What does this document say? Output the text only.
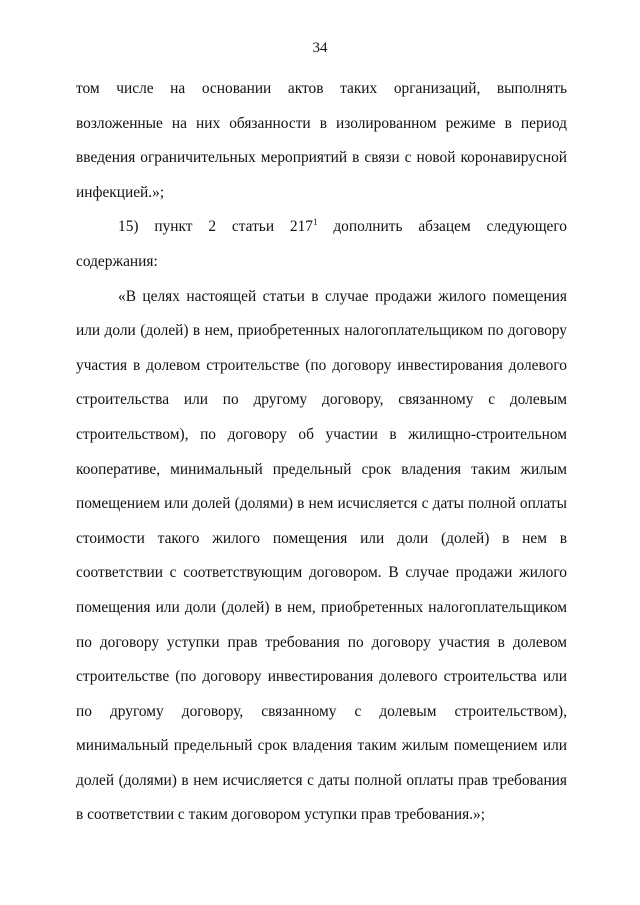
34

том числе на основании актов таких организаций, выполнять возложенные на них обязанности в изолированном режиме в период введения ограничительных мероприятий в связи с новой коронавирусной инфекцией.»;

15) пункт 2 статьи $217^1$ дополнить абзацем следующего содержания:

«В целях настоящей статьи в случае продажи жилого помещения или доли (долей) в нем, приобретенных налогоплательщиком по договору участия в долевом строительстве (по договору инвестирования долевого строительства или по другому договору, связанному с долевым строительством), по договору об участии в жилищно-строительном кооперативе, минимальный предельный срок владения таким жилым помещением или долей (долями) в нем исчисляется с даты полной оплаты стоимости такого жилого помещения или доли (долей) в нем в соответствии с соответствующим договором. В случае продажи жилого помещения или доли (долей) в нем, приобретенных налогоплательщиком по договору уступки прав требования по договору участия в долевом строительстве (по договору инвестирования долевого строительства или по другому договору, связанному с долевым строительством), минимальный предельный срок владения таким жилым помещением или долей (долями) в нем исчисляется с даты полной оплаты прав требования в соответствии с таким договором уступки прав требования.»;
